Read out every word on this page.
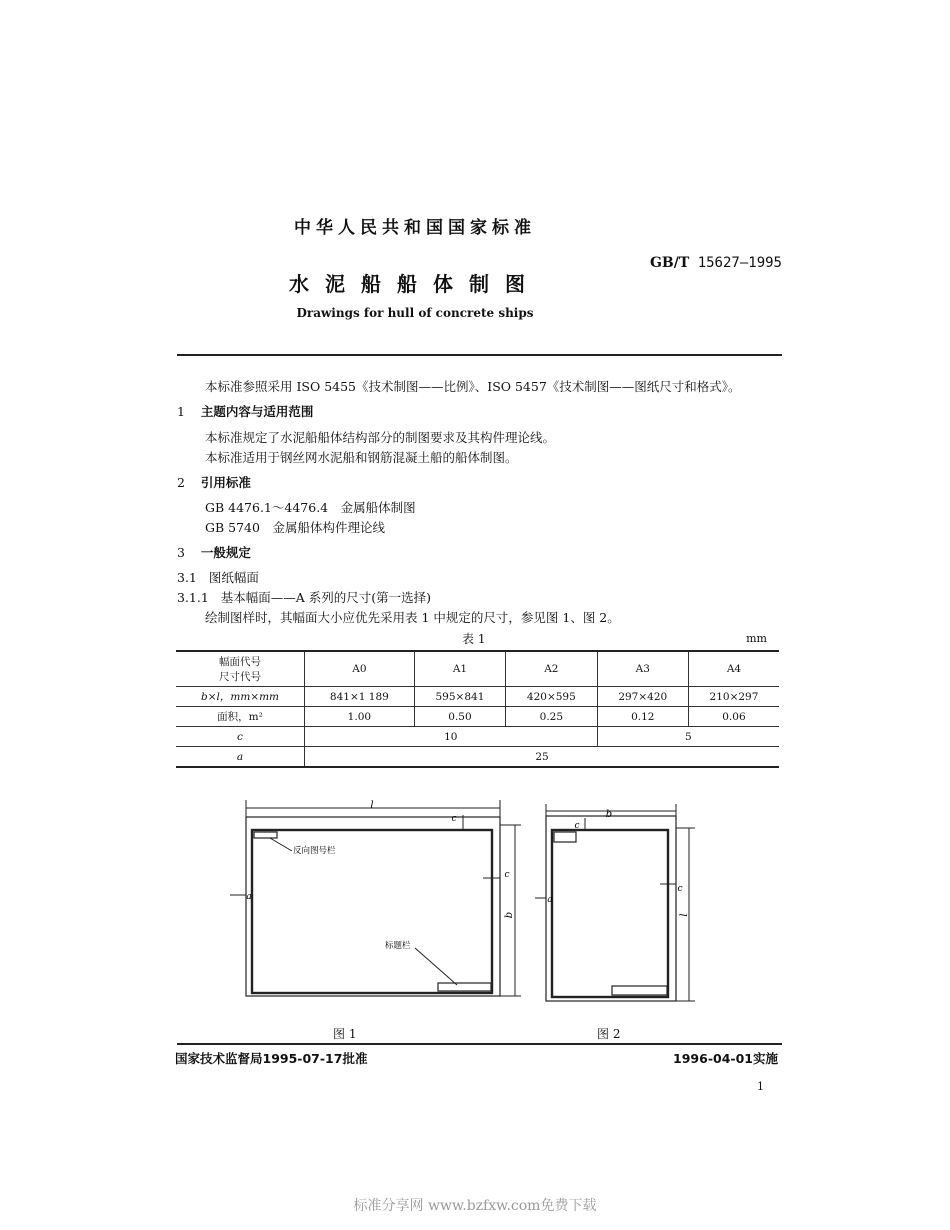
中华人民共和国国家标准
GB/T 15627—1995
水泥船船体制图
Drawings for hull of concrete ships
本标准参照采用 ISO 5455《技术制图——比例》、ISO 5457《技术制图——图纸尺寸和格式》。
1 主题内容与适用范围
本标准规定了水泥船船体结构部分的制图要求及其构件理论线。
本标准适用于钢丝网水泥船和钢筋混凝土船的船体制图。
2 引用标准
GB 4476.1～4476.4　金属船体制图
GB 5740　金属船体构件理论线
3 一般规定
3.1 图纸幅面
3.1.1 基本幅面——A 系列的尺寸(第一选择)
绘制图样时，其幅面大小应优先采用表 1 中规定的尺寸，参见图 1、图 2。
表 1	mm
幅面代号
尺寸代号	A0	A1	A2	A3	A4
b×l，mm×mm	841×1 189	595×841	420×595	297×420	210×297
面积，m²	1.00	0.50	0.25	0.12	0.06
c	10			5	
a	25				
l
c
c
b
a
反向图号栏
标题栏
b
c
c
l
a
图 1	图 2
国家技术监督局1995-07-17批准	1996-04-01实施
1
标准分享网 www.bzfxw.com免费下载
